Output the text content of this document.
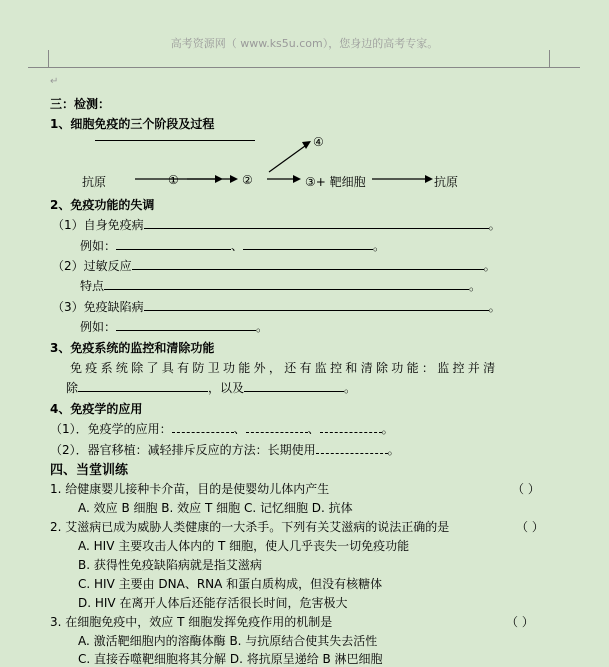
高考资源网（ www.ks5u.com），您身边的高考专家。
↵
三：检测：
1、细胞免疫的三个阶段及过程
抗原	①	②	③+ 靶细胞
④
抗原
2、免疫功能的失调
（1）自身免疫病	。
例如：	、	。
（2）过敏反应	。
特点	。
（3）免疫缺陷病	。
例如：	。
3、免疫系统的监控和清除功能
免疫系统除了具有防卫功能外，还有监控和清除功能：监控并清
除	，以及	。
4、免疫学的应用
（1）．免疫学的应用：	、	、	。
（2）．器官移植：减轻排斥反应的方法：长期使用	。
四、当堂训练
1. 给健康婴儿接种卡介苗，目的是使婴幼儿体内产生	（ ）
A. 效应 B 细胞 B. 效应 T 细胞 C. 记忆细胞 D. 抗体
2. 艾滋病已成为威胁人类健康的一大杀手。下列有关艾滋病的说法正确的是	（ ）
A. HIV 主要攻击人体内的 T 细胞，使人几乎丧失一切免疫功能
B. 获得性免疫缺陷病就是指艾滋病
C. HIV 主要由 DNA、RNA 和蛋白质构成，但没有核糖体
D. HIV 在离开人体后还能存活很长时间，危害极大
3. 在细胞免疫中，效应 T 细胞发挥免疫作用的机制是	（ ）
A. 激活靶细胞内的溶酶体酶 B. 与抗原结合使其失去活性
C. 直接吞噬靶细胞将其分解 D. 将抗原呈递给 B 淋巴细胞
